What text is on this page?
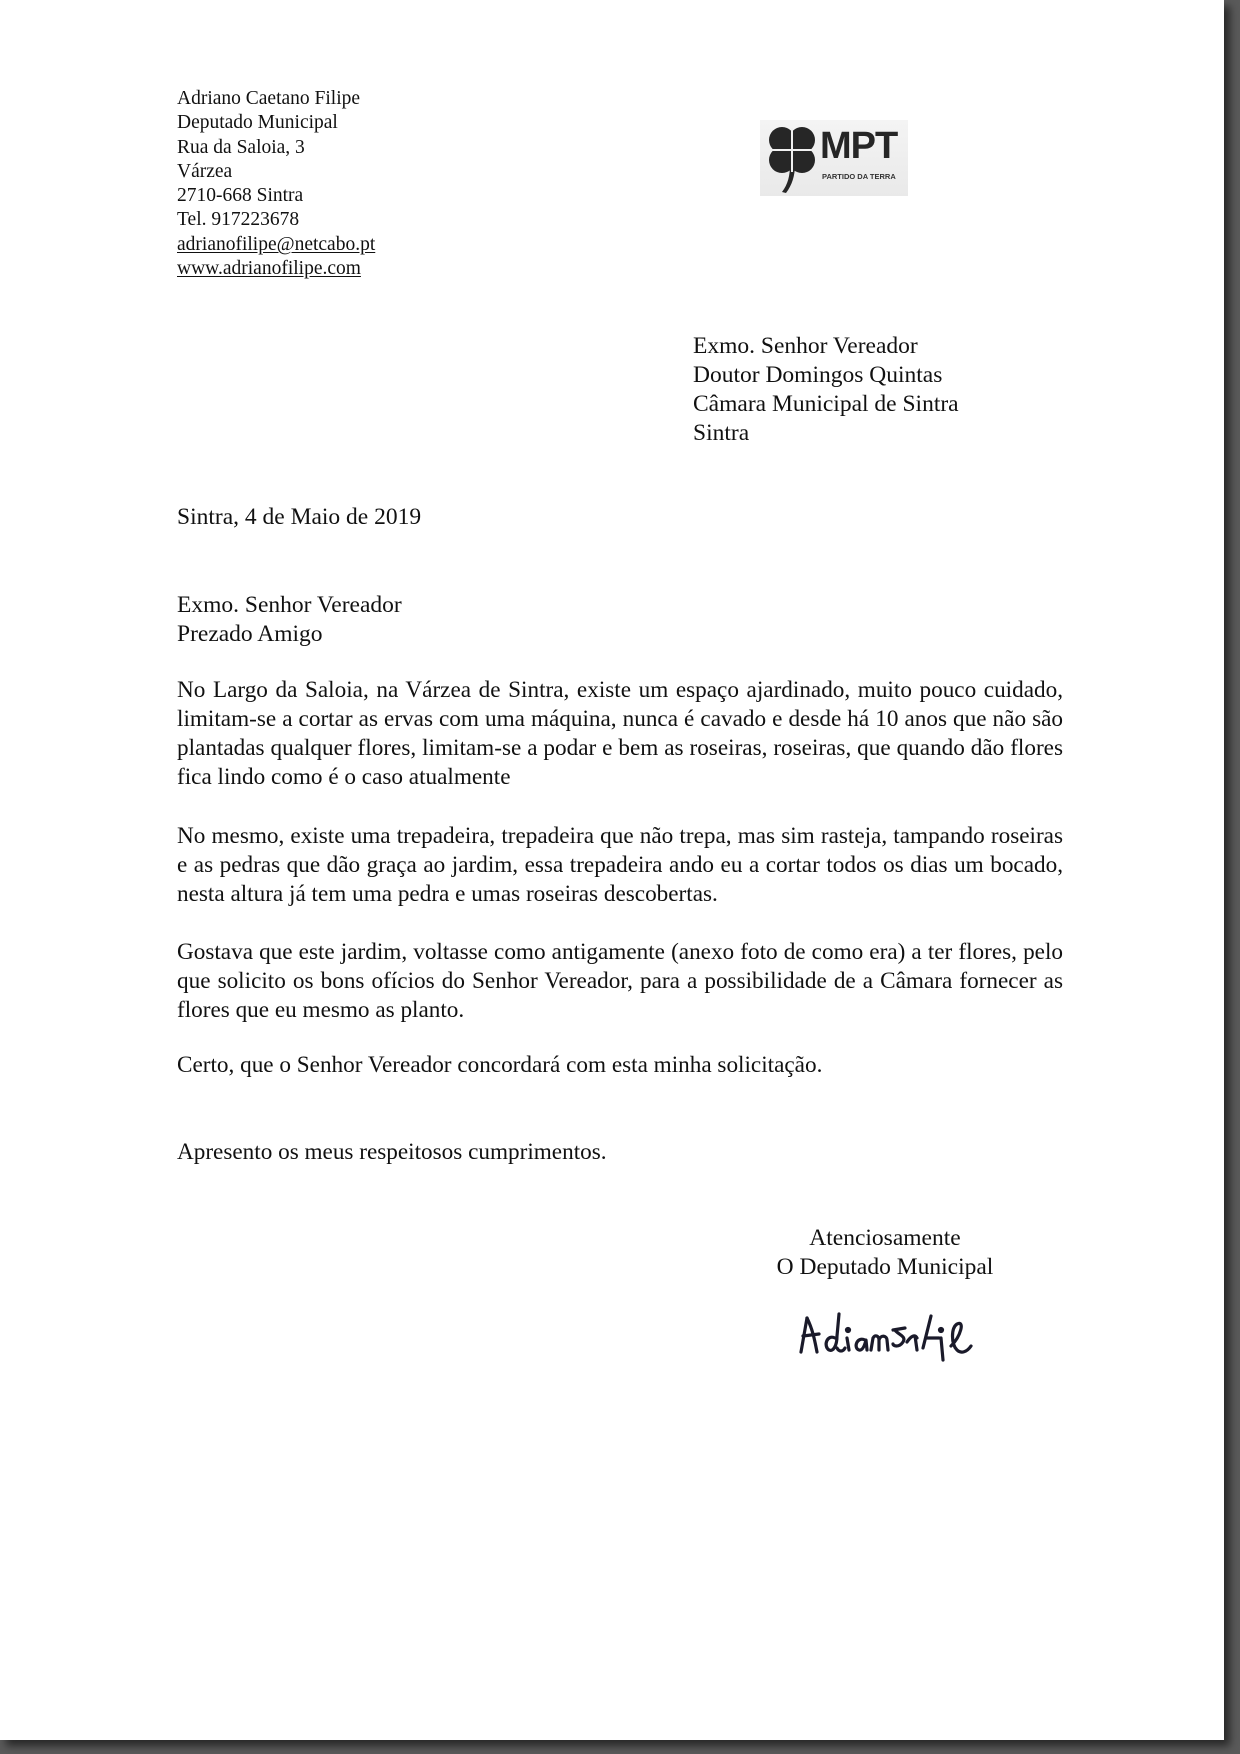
Adriano Caetano Filipe
Deputado Municipal
Rua da Saloia, 3
Várzea
2710-668 Sintra
Tel. 917223678
adrianofilipe@netcabo.pt
www.adrianofilipe.com
MPT
PARTIDO DA TERRA
Exmo. Senhor Vereador
Doutor Domingos Quintas
Câmara Municipal de Sintra
Sintra
Sintra, 4 de Maio de 2019
Exmo. Senhor Vereador
Prezado Amigo

No Largo da Saloia, na Várzea de Sintra, existe um espaço ajardinado, muito pouco cuidado, limitam-se a cortar as ervas com uma máquina, nunca é cavado e desde há 10 anos que não são plantadas qualquer flores, limitam-se a podar e bem as roseiras, roseiras, que quando dão flores fica lindo como é o caso atualmente

No mesmo, existe uma trepadeira, trepadeira que não trepa, mas sim rasteja, tampando roseiras e as pedras que dão graça ao jardim, essa trepadeira ando eu a cortar todos os dias um bocado, nesta altura já tem uma pedra e umas roseiras descobertas.

Gostava que este jardim, voltasse como antigamente (anexo foto de como era) a ter flores, pelo que solicito os bons ofícios do Senhor Vereador, para a possibilidade de a Câmara fornecer as flores que eu mesmo as planto.

Certo, que o Senhor Vereador concordará com esta minha solicitação.

Apresento os meus respeitosos cumprimentos.

Atenciosamente
O Deputado Municipal
